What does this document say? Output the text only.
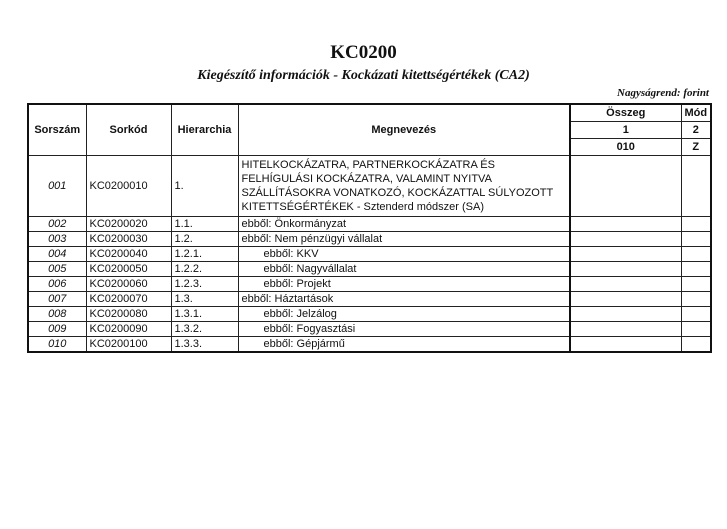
KC0200
Kiegészítő információk - Kockázati kitettségértékek (CA2)
Nagyságrend: forint
Sorszám	Sorkód	Hierarchia	Megnevezés	Összeg	Mód
				1	2
				010	Z
001	KC0200010	1.	HITELKOCKÁZATRA, PARTNERKOCKÁZATRA ÉS FELHÍGULÁSI KOCKÁZATRA, VALAMINT NYITVA SZÁLLÍTÁSOKRA VONATKOZÓ, KOCKÁZATTAL SÚLYOZOTT KITETTSÉGÉRTÉKEK - Sztenderd módszer (SA)		
002	KC0200020	1.1.	ebből: Önkormányzat		
003	KC0200030	1.2.	ebből: Nem pénzügyi vállalat		
004	KC0200040	1.2.1.	ebből: KKV		
005	KC0200050	1.2.2.	ebből: Nagyvállalat		
006	KC0200060	1.2.3.	ebből: Projekt		
007	KC0200070	1.3.	ebből: Háztartások		
008	KC0200080	1.3.1.	ebből: Jelzálog		
009	KC0200090	1.3.2.	ebből: Fogyasztási		
010	KC0200100	1.3.3.	ebből: Gépjármű		
